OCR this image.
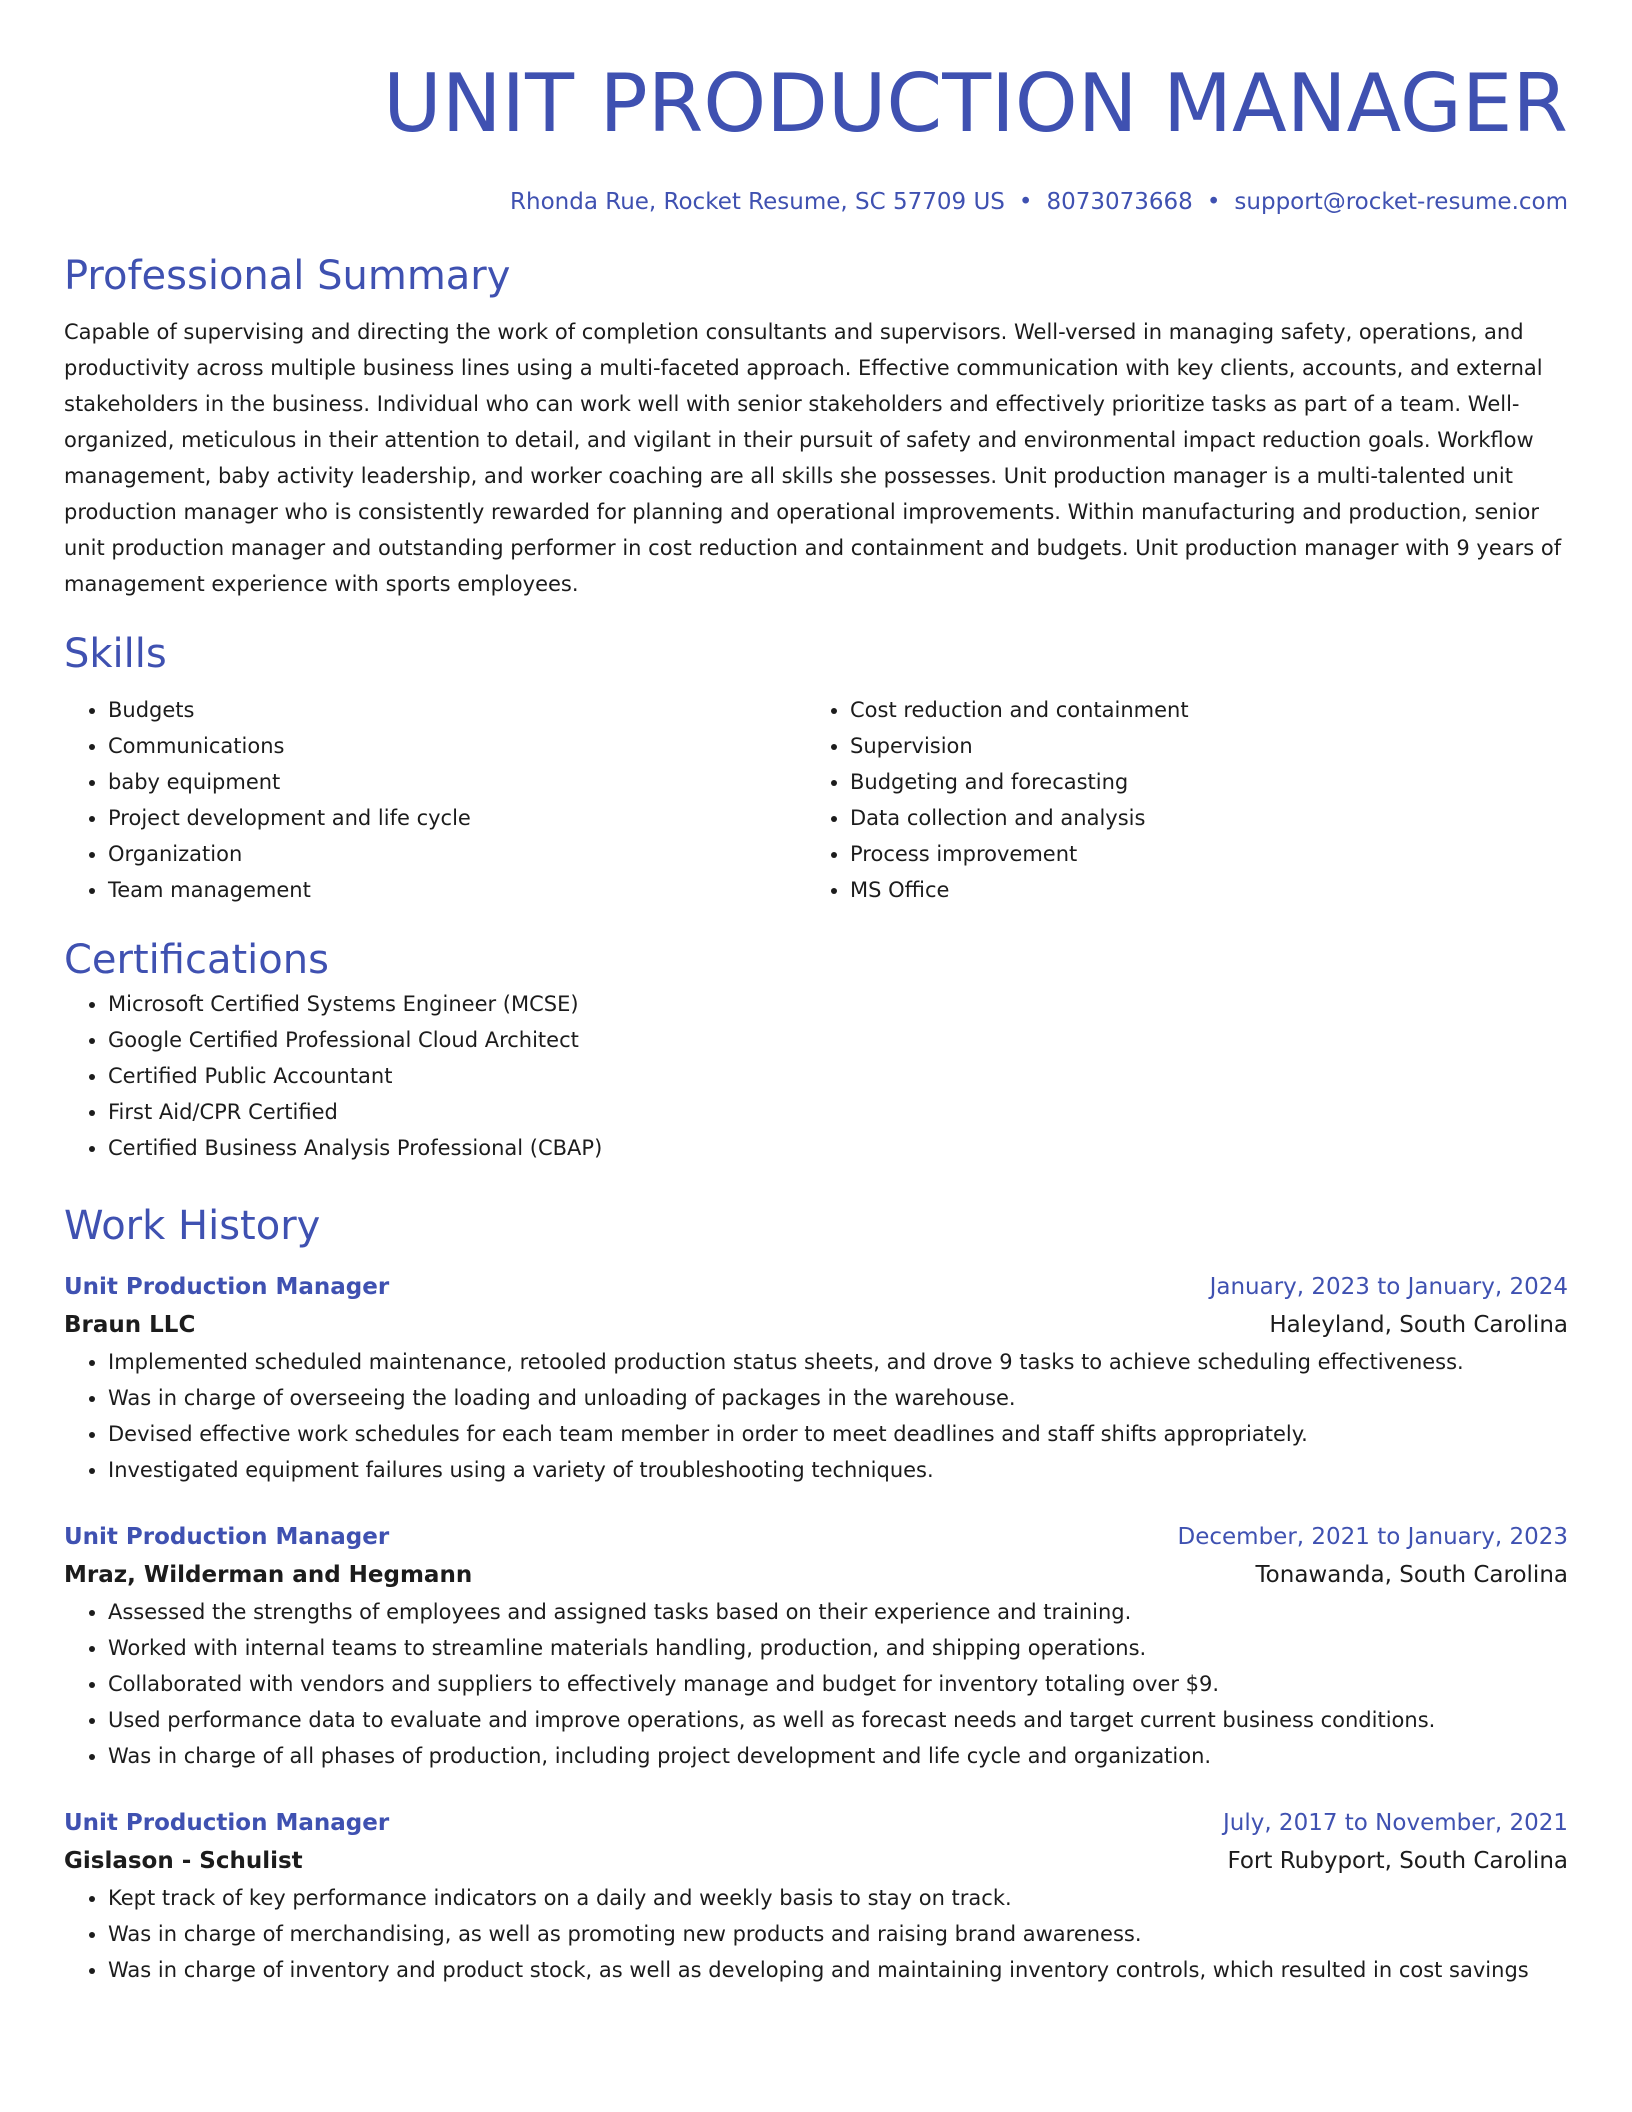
UNIT PRODUCTION MANAGER
Rhonda Rue, Rocket Resume, SC 57709 US • 8073073668 • support@rocket-resume.com
Professional Summary
Capable of supervising and directing the work of completion consultants and supervisors. Well-versed in managing safety, operations, and productivity across multiple business lines using a multi-faceted approach. Effective communication with key clients, accounts, and external stakeholders in the business. Individual who can work well with senior stakeholders and effectively prioritize tasks as part of a team. Well-organized, meticulous in their attention to detail, and vigilant in their pursuit of safety and environmental impact reduction goals. Workflow management, baby activity leadership, and worker coaching are all skills she possesses. Unit production manager is a multi-talented unit production manager who is consistently rewarded for planning and operational improvements. Within manufacturing and production, senior unit production manager and outstanding performer in cost reduction and containment and budgets. Unit production manager with 9 years of management experience with sports employees.
Skills
• Budgets
• Communications
• baby equipment
• Project development and life cycle
• Organization
• Team management
• Cost reduction and containment
• Supervision
• Budgeting and forecasting
• Data collection and analysis
• Process improvement
• MS Office
Certifications
• Microsoft Certified Systems Engineer (MCSE)
• Google Certified Professional Cloud Architect
• Certified Public Accountant
• First Aid/CPR Certified
• Certified Business Analysis Professional (CBAP)
Work History
Unit Production Manager	January, 2023 to January, 2024
Braun LLC	Haleyland, South Carolina
• Implemented scheduled maintenance, retooled production status sheets, and drove 9 tasks to achieve scheduling effectiveness.
• Was in charge of overseeing the loading and unloading of packages in the warehouse.
• Devised effective work schedules for each team member in order to meet deadlines and staff shifts appropriately.
• Investigated equipment failures using a variety of troubleshooting techniques.
Unit Production Manager	December, 2021 to January, 2023
Mraz, Wilderman and Hegmann	Tonawanda, South Carolina
• Assessed the strengths of employees and assigned tasks based on their experience and training.
• Worked with internal teams to streamline materials handling, production, and shipping operations.
• Collaborated with vendors and suppliers to effectively manage and budget for inventory totaling over $9.
• Used performance data to evaluate and improve operations, as well as forecast needs and target current business conditions.
• Was in charge of all phases of production, including project development and life cycle and organization.
Unit Production Manager	July, 2017 to November, 2021
Gislason - Schulist	Fort Rubyport, South Carolina
• Kept track of key performance indicators on a daily and weekly basis to stay on track.
• Was in charge of merchandising, as well as promoting new products and raising brand awareness.
• Was in charge of inventory and product stock, as well as developing and maintaining inventory controls, which resulted in cost savings
